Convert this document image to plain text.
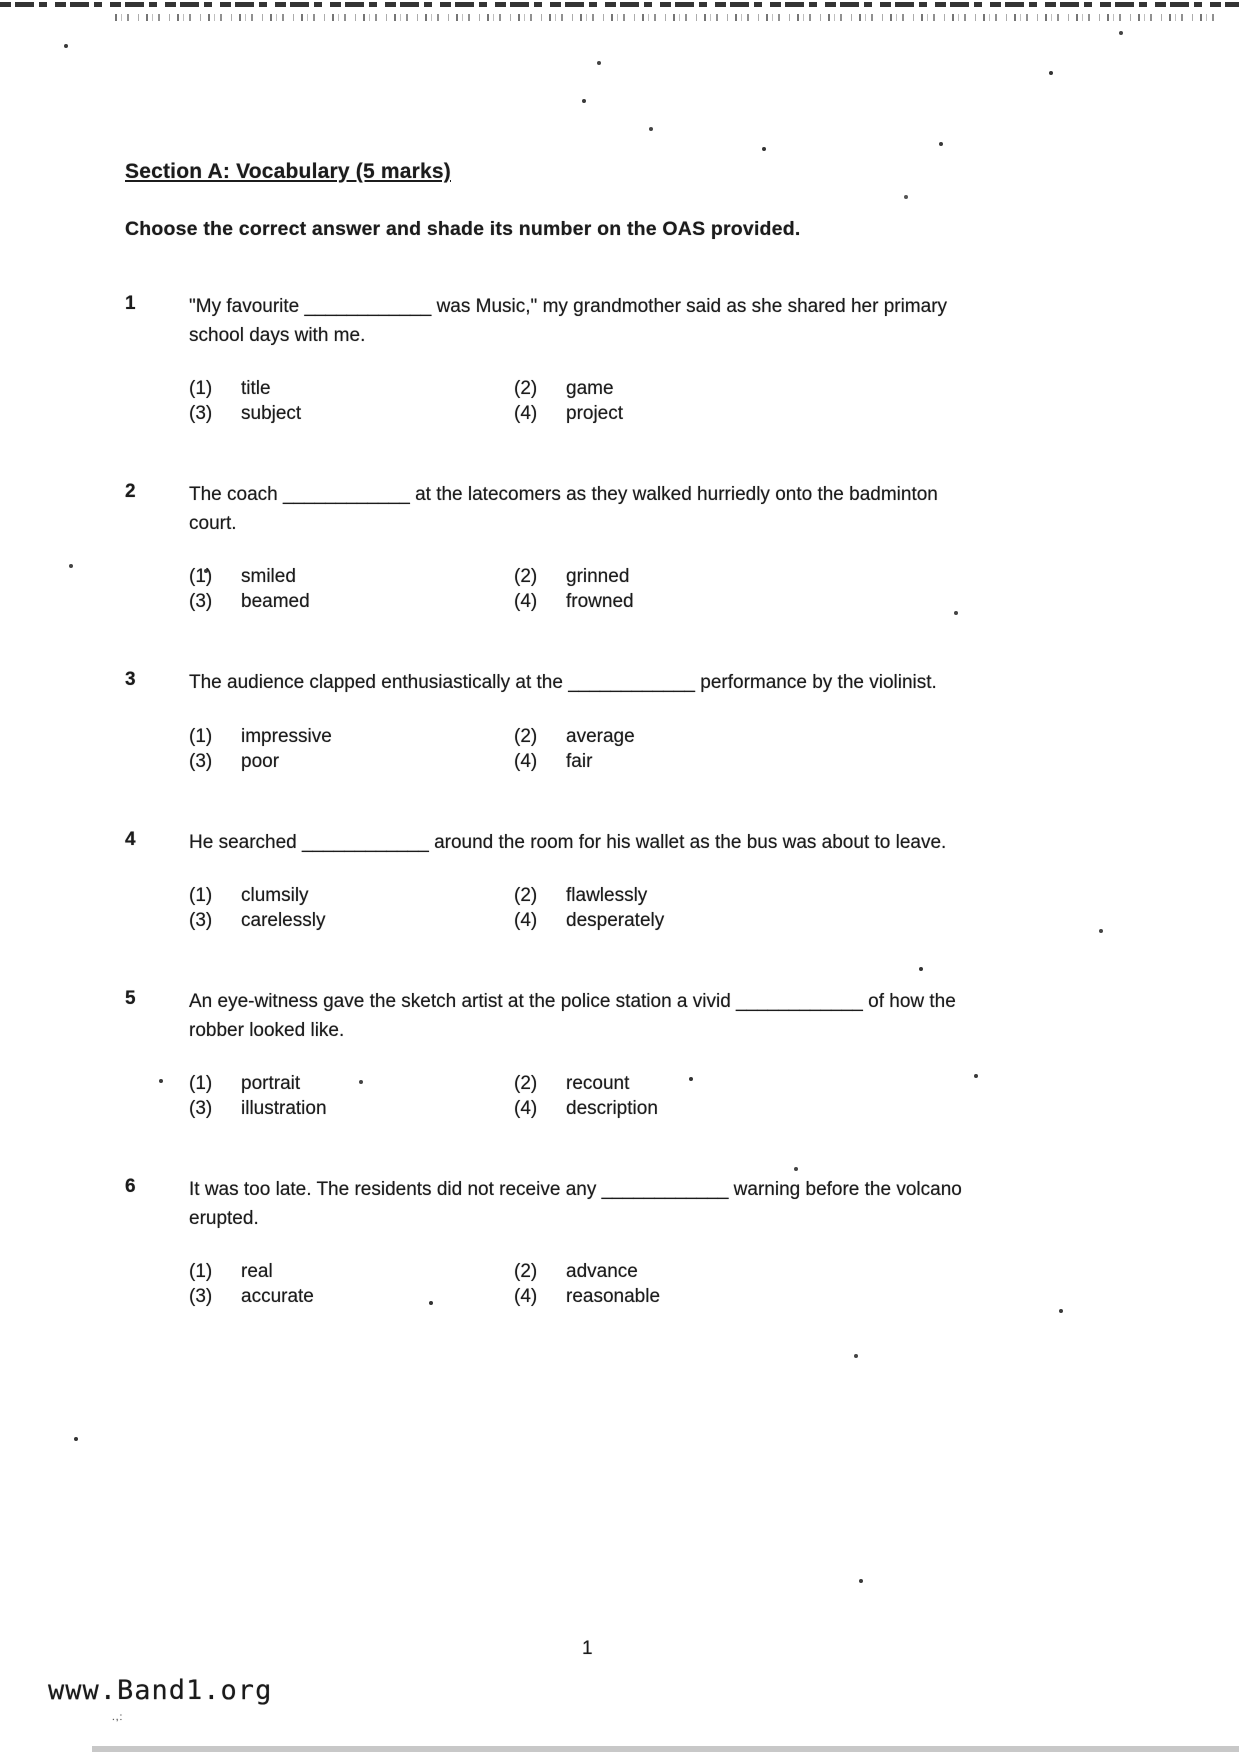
Section A: Vocabulary (5 marks)

Choose the correct answer and shade its number on the OAS provided.

1	"My favourite ____________ was Music," my grandmother said as she shared her primary school days with me.

(1)	title	(2)	game
(3)	subject	(4)	project
2	The coach ____________ at the latecomers as they walked hurriedly onto the badminton court.

(1)	smiled	(2)	grinned
(3)	beamed	(4)	frowned
3	The audience clapped enthusiastically at the ____________ performance by the violinist.

(1)	impressive	(2)	average
(3)	poor	(4)	fair
4	He searched ____________ around the room for his wallet as the bus was about to leave.

(1)	clumsily	(2)	flawlessly
(3)	carelessly	(4)	desperately
5	An eye-witness gave the sketch artist at the police station a vivid ____________ of how the robber looked like.

(1)	portrait	(2)	recount
(3)	illustration	(4)	description
6	It was too late. The residents did not receive any ____________ warning before the volcano erupted.

(1)	real	(2)	advance
(3)	accurate	(4)	reasonable
1
www.Band1.org
.,:
